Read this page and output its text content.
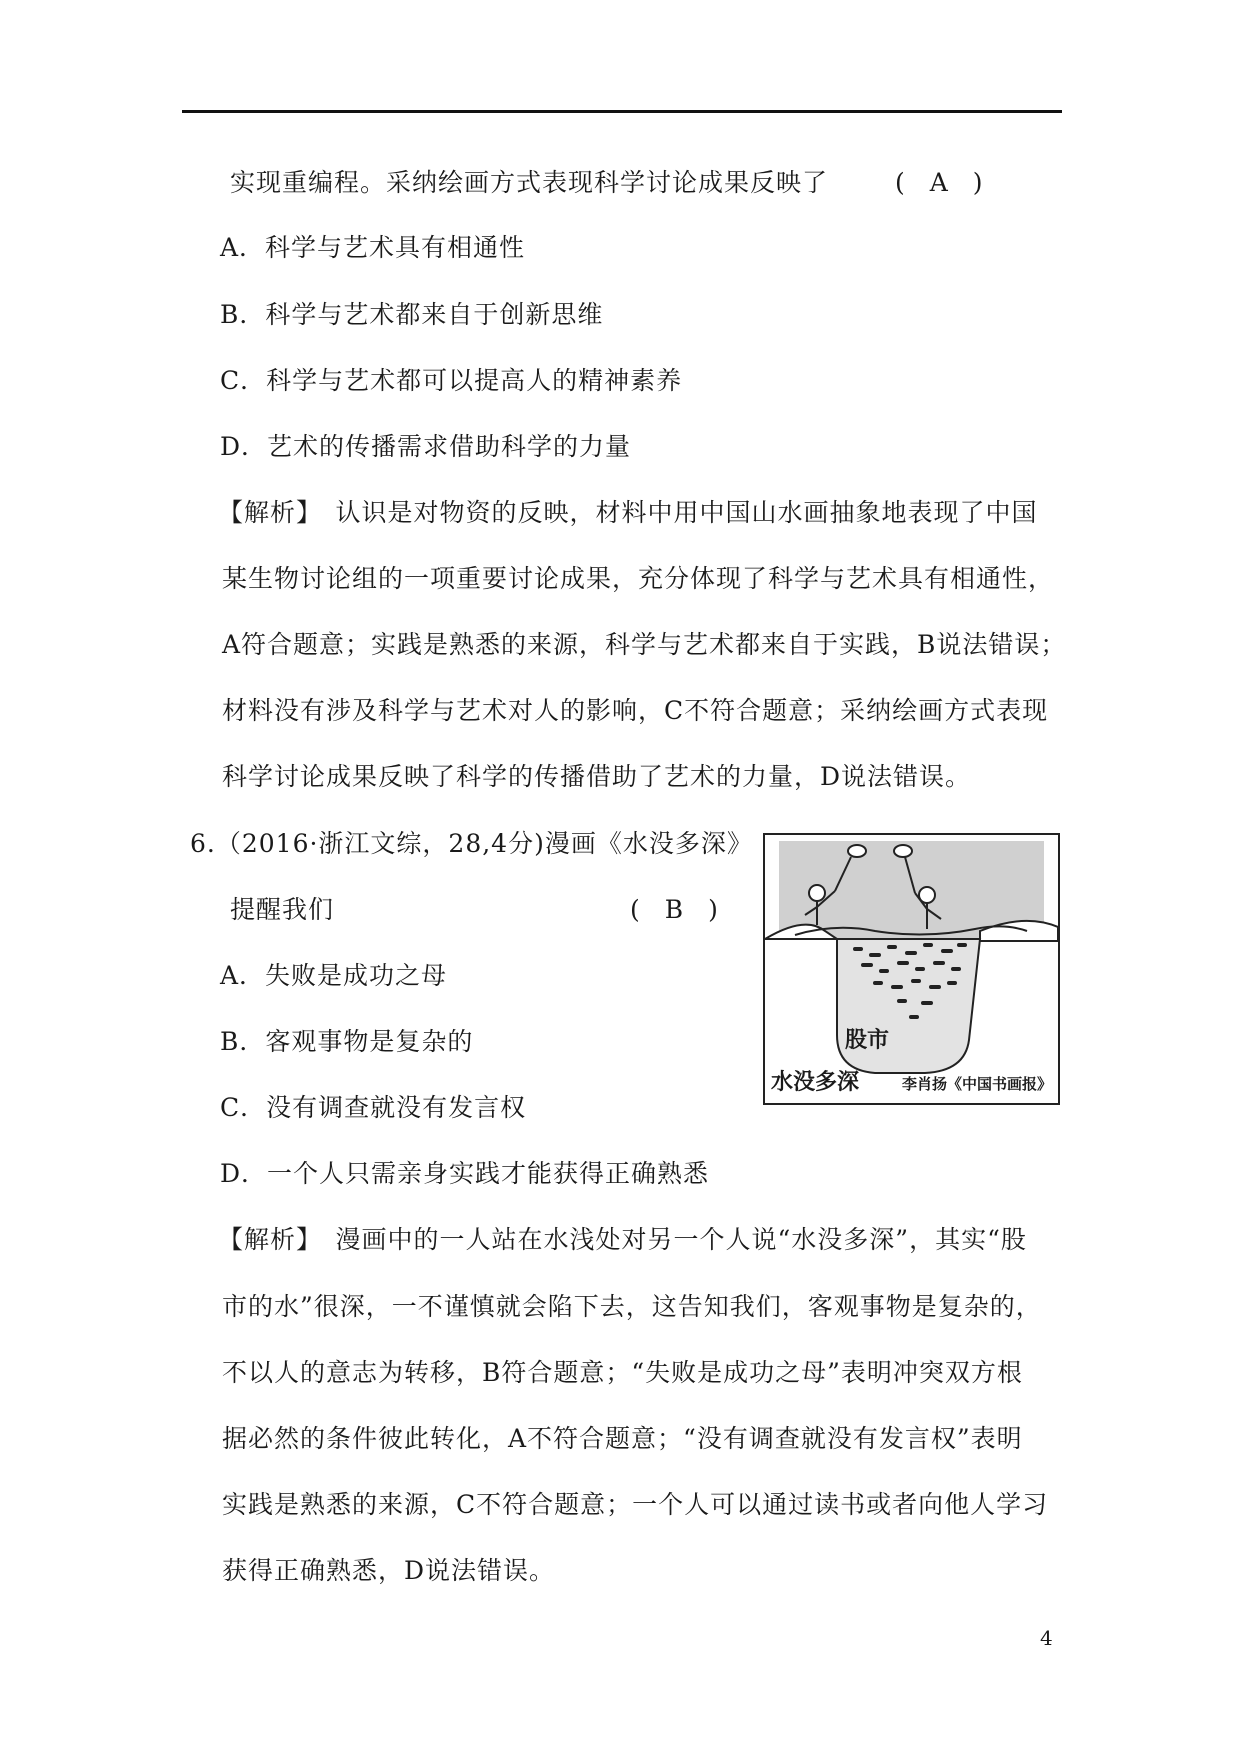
实现重编程。采纳绘画方式表现科学讨论成果反映了	(　A　)
A．科学与艺术具有相通性
B．科学与艺术都来自于创新思维
C．科学与艺术都可以提高人的精神素养
D．艺术的传播需求借助科学的力量
【解析】　认识是对物资的反映，材料中用中国山水画抽象地表现了中国
某生物讨论组的一项重要讨论成果，充分体现了科学与艺术具有相通性，
A符合题意；实践是熟悉的来源，科学与艺术都来自于实践，B说法错误；
材料没有涉及科学与艺术对人的影响，C不符合题意；采纳绘画方式表现
科学讨论成果反映了科学的传播借助了艺术的力量，D说法错误。
6.（2016·浙江文综，28,4分)漫画《水没多深》
提醒我们	(　B　)
A．失败是成功之母
B．客观事物是复杂的
C．没有调查就没有发言权
D．一个人只需亲身实践才能获得正确熟悉
【解析】　漫画中的一人站在水浅处对另一个人说“水没多深”，其实“股
市的水”很深，一不谨慎就会陷下去，这告知我们，客观事物是复杂的，
不以人的意志为转移，B符合题意；“失败是成功之母”表明冲突双方根
据必然的条件彼此转化，A不符合题意；“没有调查就没有发言权”表明
实践是熟悉的来源，C不符合题意；一个人可以通过读书或者向他人学习
获得正确熟悉，D说法错误。
股市
水没多深	李肖扬《中国书画报》
4
